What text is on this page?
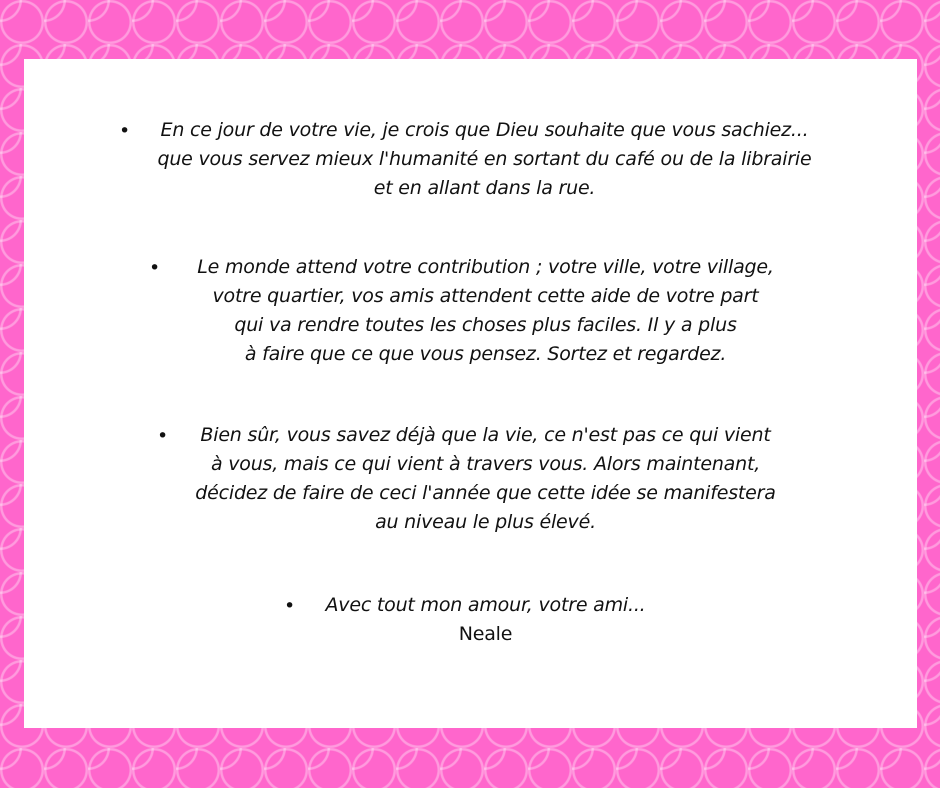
•
En ce jour de votre vie, je crois que Dieu souhaite que vous sachiez...
que vous servez mieux l'humanité en sortant du café ou de la librairie
et en allant dans la rue.
•
Le monde attend votre contribution ; votre ville, votre village,
votre quartier, vos amis attendent cette aide de votre part
qui va rendre toutes les choses plus faciles. Il y a plus
à faire que ce que vous pensez. Sortez et regardez.
•
Bien sûr, vous savez déjà que la vie, ce n'est pas ce qui vient
à vous, mais ce qui vient à travers vous. Alors maintenant,
décidez de faire de ceci l'année que cette idée se manifestera
au niveau le plus élevé.
•
Avec tout mon amour, votre ami...
Neale
